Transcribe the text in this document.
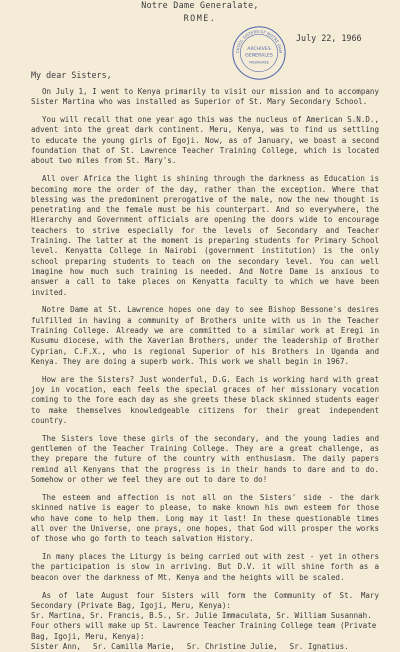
Notre Dame Generalate,
ROME.
CHOOL SISTERS OF NOTRE DAM
ARCHIVES
GENERALES
MILWAUKEE
July 22, 1966
My dear Sisters,

On July 1, I went to Kenya primarily to visit our mission and to accompany Sister Martina who was installed as Superior of St. Mary Secondary School.

You will recall that one year ago this was the nucleus of American S.N.D., advent into the great dark continent. Meru, Kenya, was to find us settling to educate the young girls of Egoji. Now, as of January, we boast a second foundation that of St. Lawrence Teacher Training College, which is located about two miles from St. Mary's.

All over Africa the light is shining through the darkness as Education is becoming more the order of the day, rather than the exception. Where that blessing was the predominent prerogative of the male, now the new thought is penetrating and the female must be his counterpart. And so everywhere, the Hierarchy and Government officials are opening the doors wide to encourage teachers to strive especially for the levels of Secondary and Teacher Training. The latter at the moment is preparing students for Primary School level. Kenyatta College in Nairobi (government institution) is the only school preparing students to teach on the secondary level. You can well imagine how much such training is needed. And Notre Dame is anxious to answer a call to take places on Kenyatta faculty to which we have been invited.

Notre Dame at St. Lawrence hopes one day to see Bishop Bessone's desires fulfilled in having a community of Brothers unite with us in the Teacher Training College. Already we are committed to a similar work at Eregi in Kusumu diocese, with the Xaverian Brothers, under the leadership of Brother Cyprian, C.F.X., who is regional Superior of his Brothers in Uganda and Kenya. They are doing a superb work. This work we shall begin in 1967.

How are the Sisters? Just wonderful, D.G. Each is working hard with great joy in vocation, each feels the special graces of her missionary vocation coming to the fore each day as she greets these black skinned students eager to make themselves knowledgeable citizens for their great independent country.

The Sisters love these girls of the secondary, and the young ladies and gentlemen of the Teacher Training College. They are a great challenge, as they prepare the future of the country with enthusiasm. The daily papers remind all Kenyans that the progress is in their hands to dare and to do. Somehow or other we feel they are out to dare to do!

The esteem and affection is not all on the Sisters' side - the dark skinned native is eager to please, to make known his own esteem for those who have come to help them. Long may it last! In these questionable times all over the Universe, one prays, one hopes, that God will prosper the works of those who go forth to teach salvation History.

In many places the Liturgy is being carried out with zest - yet in others the participation is slow in arriving. But D.V. it will shine forth as a beacon over the darkness of Mt. Kenya and the heights will be scaled.

As of late August four Sisters will form the Community of St. Mary Secondary (Private Bag, Igoji, Meru, Kenya):

Sr. Martina, Sr. Francis, B.S., Sr. Julie Immaculata, Sr. William Susannah.
Four others will make up St. Lawrence Teacher Training College team (Private
Bag, Igoji, Meru, Kenya):
Sister Ann, Sr. Camilla Marie, Sr. Christine Julie, Sr. Ignatius.
